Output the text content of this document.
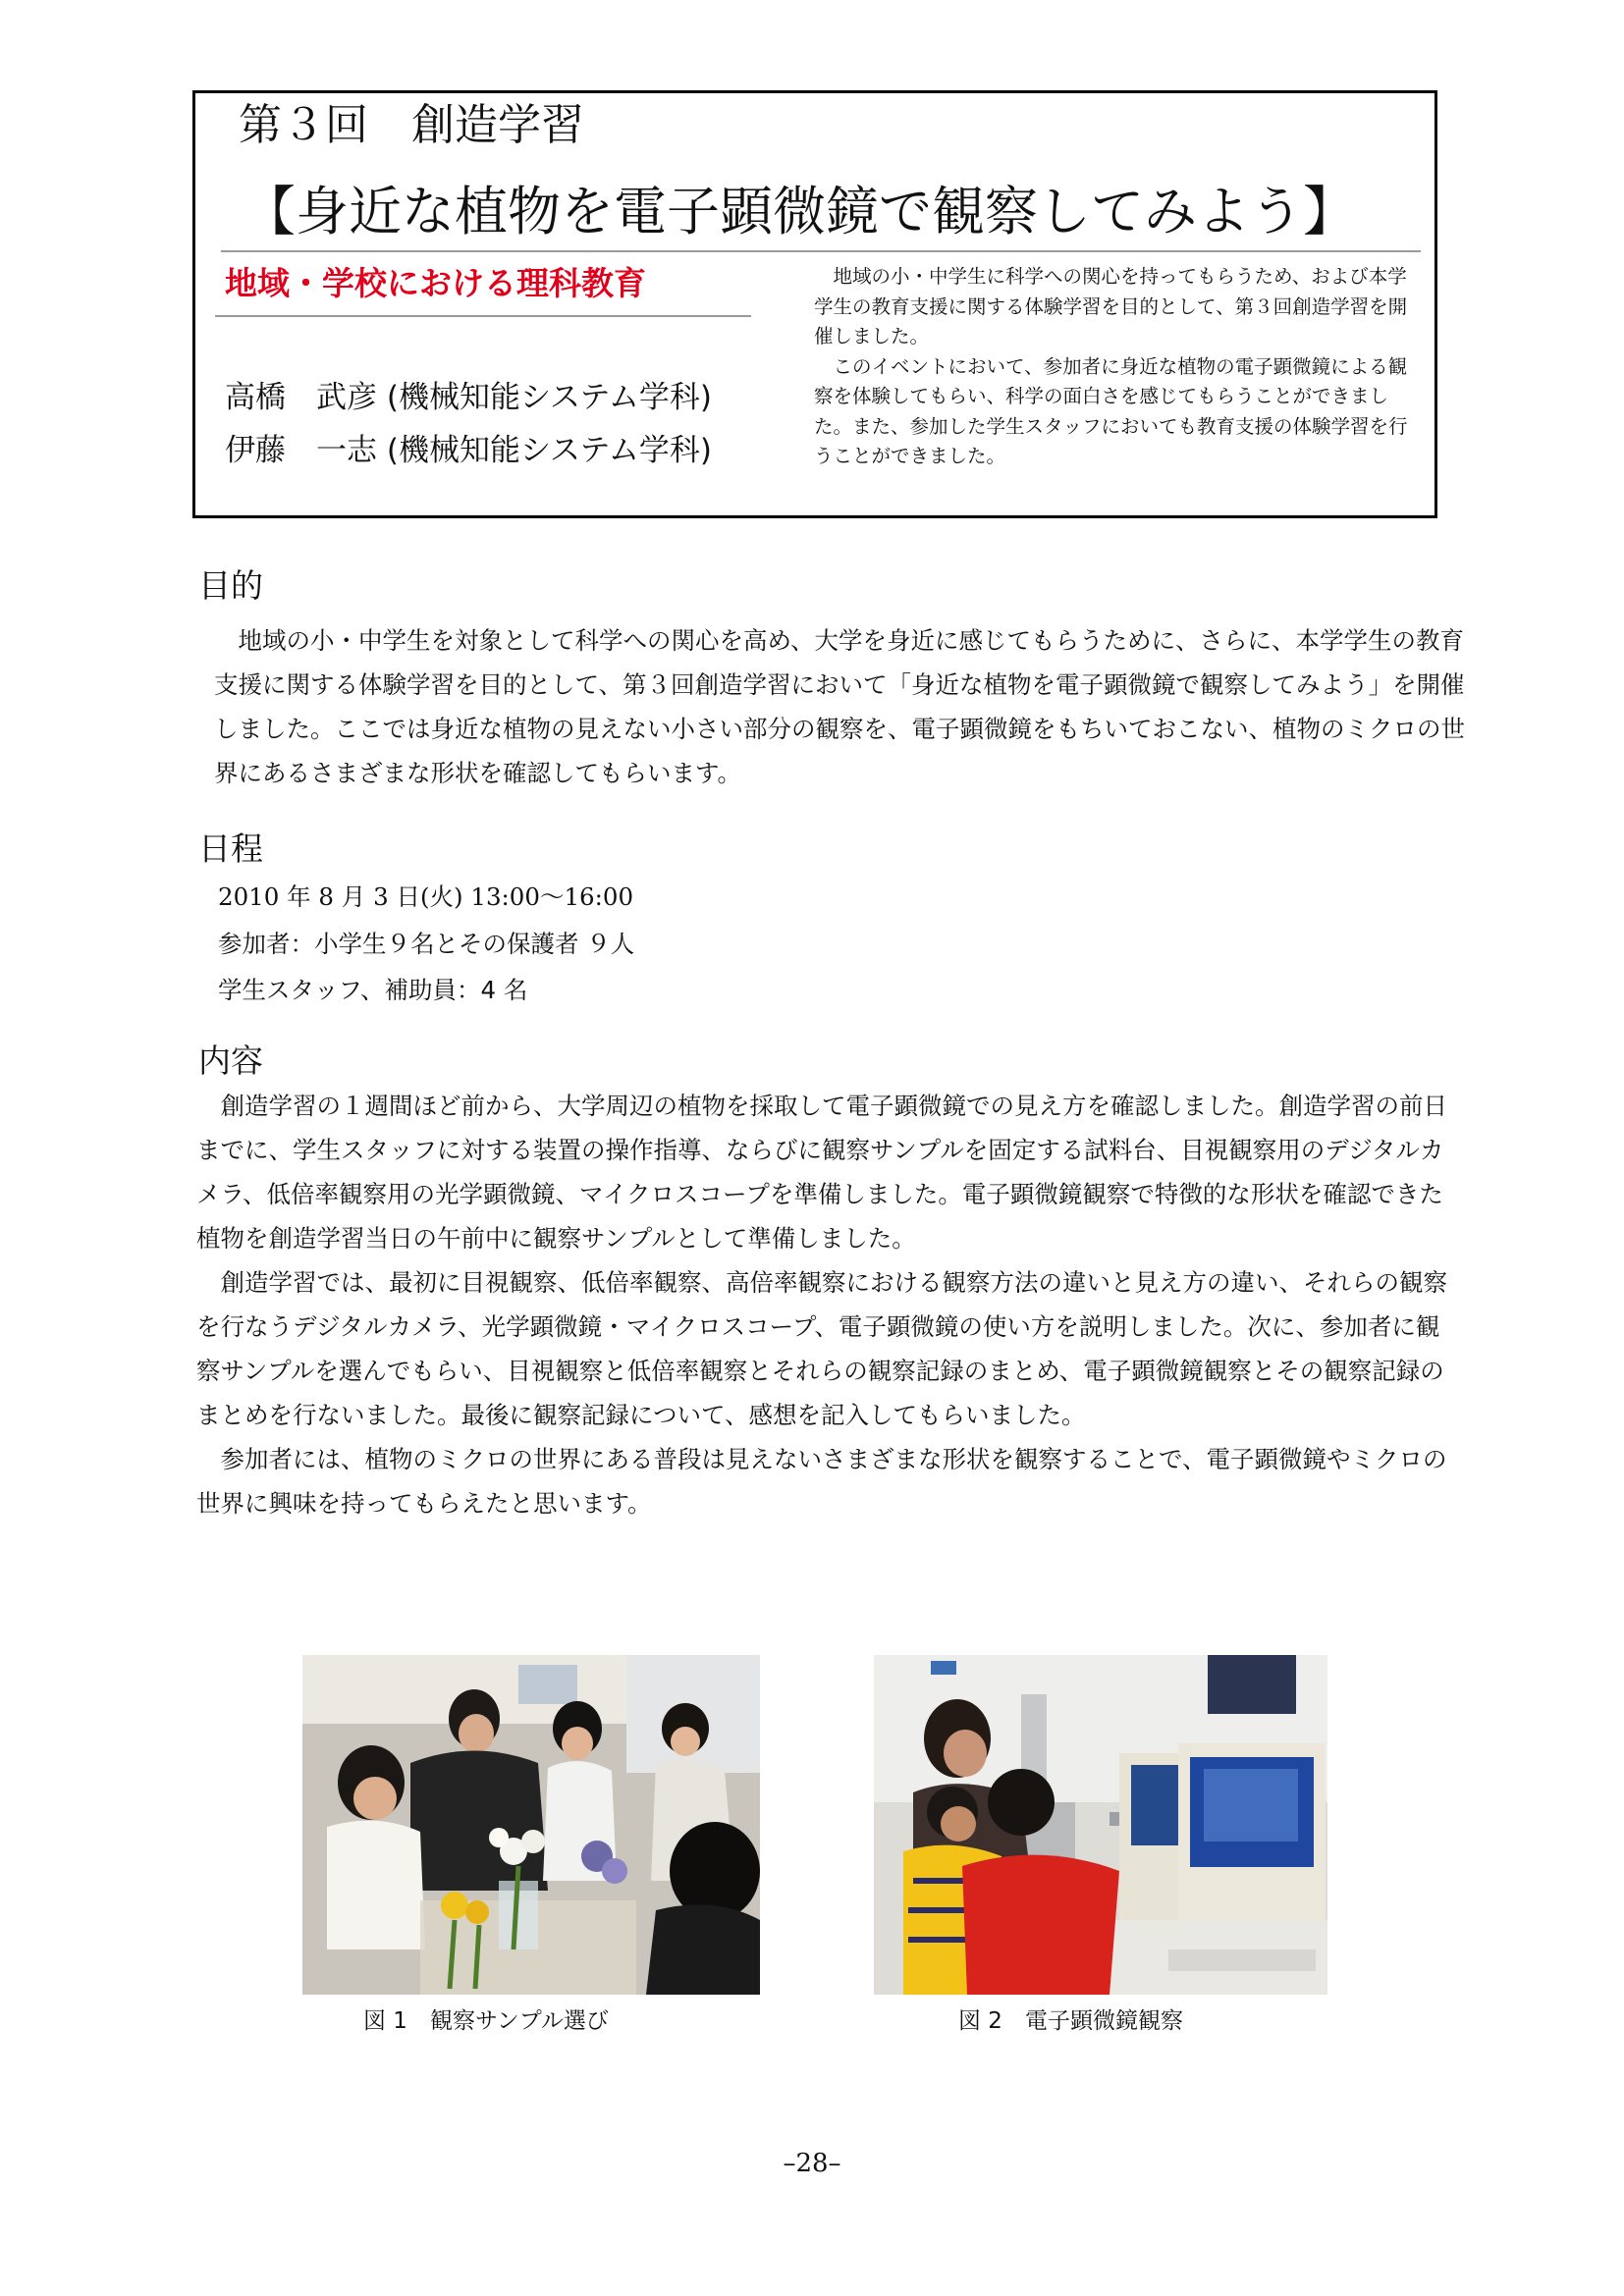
第３回　創造学習
【身近な植物を電子顕微鏡で観察してみよう】
地域・学校における理科教育
高橋　武彦 (機械知能システム学科)
伊藤　一志 (機械知能システム学科)

地域の小・中学生に科学への関心を持ってもらうため、および本学学生の教育支援に関する体験学習を目的として、第３回創造学習を開催しました。

このイベントにおいて、参加者に身近な植物の電子顕微鏡による観察を体験してもらい、科学の面白さを感じてもらうことができました。また、参加した学生スタッフにおいても教育支援の体験学習を行うことができました。

目的

地域の小・中学生を対象として科学への関心を高め、大学を身近に感じてもらうために、さらに、本学学生の教育支援に関する体験学習を目的として、第３回創造学習において「身近な植物を電子顕微鏡で観察してみよう」を開催しました。ここでは身近な植物の見えない小さい部分の観察を、電子顕微鏡をもちいておこない、植物のミクロの世界にあるさまざまな形状を確認してもらいます。

日程
2010 年 8 月 3 日(火) 13:00～16:00
参加者：小学生９名とその保護者 ９人
学生スタッフ、補助員：4 名
内容

創造学習の１週間ほど前から、大学周辺の植物を採取して電子顕微鏡での見え方を確認しました。創造学習の前日までに、学生スタッフに対する装置の操作指導、ならびに観察サンプルを固定する試料台、目視観察用のデジタルカメラ、低倍率観察用の光学顕微鏡、マイクロスコープを準備しました。電子顕微鏡観察で特徴的な形状を確認できた植物を創造学習当日の午前中に観察サンプルとして準備しました。

創造学習では、最初に目視観察、低倍率観察、高倍率観察における観察方法の違いと見え方の違い、それらの観察を行なうデジタルカメラ、光学顕微鏡・マイクロスコープ、電子顕微鏡の使い方を説明しました。次に、参加者に観察サンプルを選んでもらい、目視観察と低倍率観察とそれらの観察記録のまとめ、電子顕微鏡観察とその観察記録のまとめを行ないました。最後に観察記録について、感想を記入してもらいました。

参加者には、植物のミクロの世界にある普段は見えないさまざまな形状を観察することで、電子顕微鏡やミクロの世界に興味を持ってもらえたと思います。

図 1　観察サンプル選び	図 2　電子顕微鏡観察
–28–
